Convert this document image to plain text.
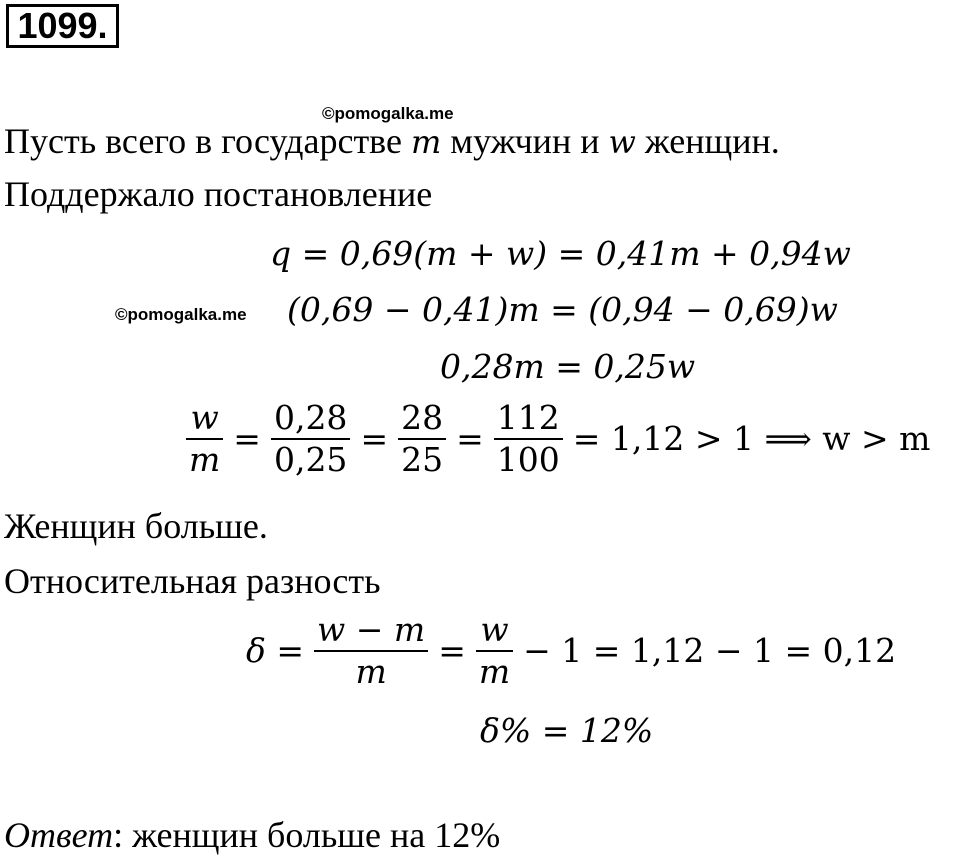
1099.
©pomogalka.me
Пусть всего в государстве m мужчин и w женщин.
Поддержало постановление
q = 0,69(m + w) = 0,41m + 0,94w
©pomogalka.me (0,69 − 0,41)m = (0,94 − 0,69)w
0,28m = 0,25w
$\frac{w}{m} = \frac{0,28}{0,25} = \frac{28}{25} = \frac{112}{100} = 1,12 > 1$ ⟹ w > m
Женщин больше.
Относительная разность
$\delta = \frac{w - m}{m} = \frac{w}{m} - 1 = 1,12 - 1 = 0,12$
δ% = 12%
Ответ: женщин больше на 12%
